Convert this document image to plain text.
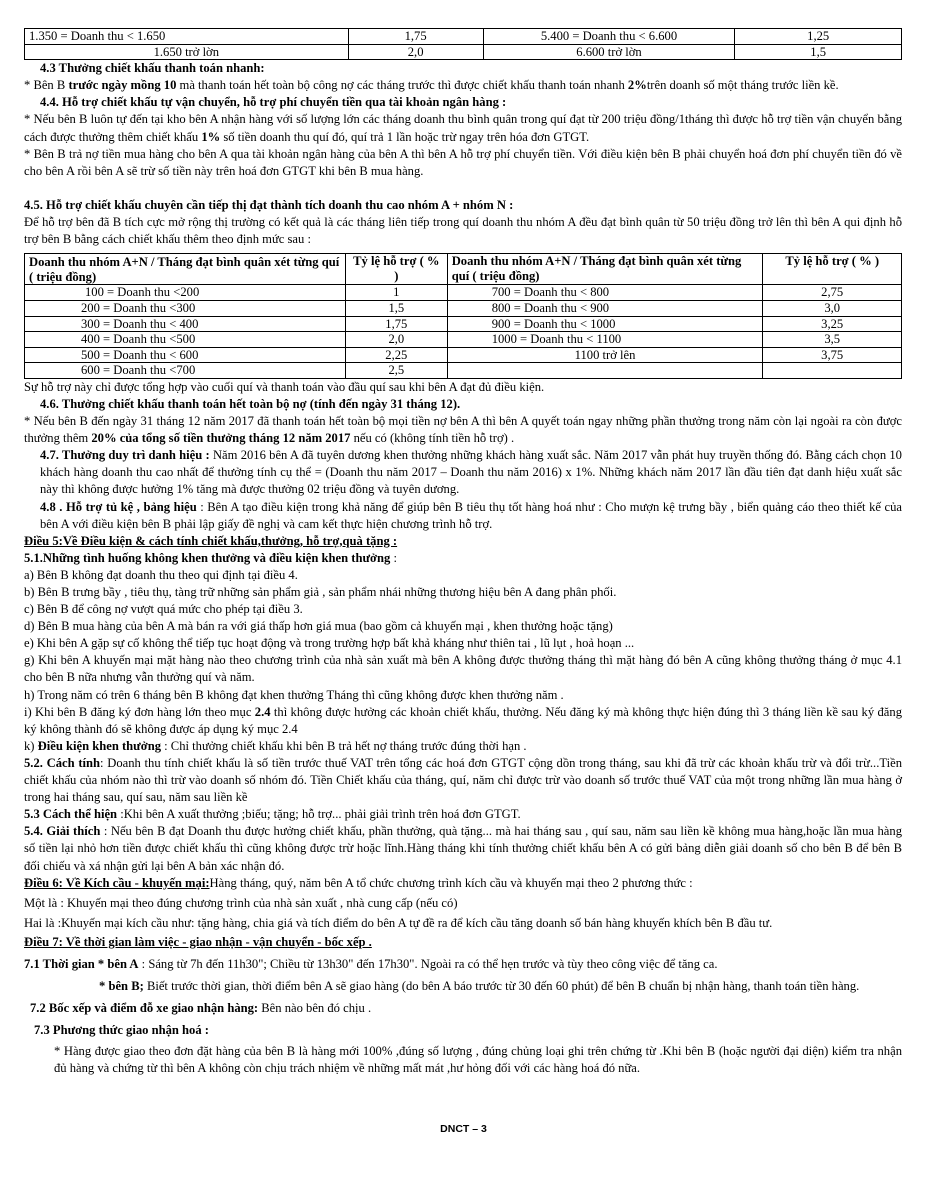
1.350 = Doanh thu < 1.650	1,75	5.400 = Doanh thu < 6.600	1,25
1.650 trở lờn	2,0	6.600 trở lờn	1,5

4.3 Thưởng chiết khấu thanh toán nhanh:

* Bên B trước ngày mồng 10 mà thanh toán hết toàn bộ công nợ các tháng trước thì được chiết khấu thanh toán nhanh 2%trên doanh số một tháng trước liền kề.

4.4. Hỗ trợ chiết khấu tự vận chuyển, hỗ trợ phí chuyển tiền qua tài khoản ngân hàng :

* Nếu bên B luôn tự đến tại kho bên A nhận hàng với số lượng lớn các tháng doanh thu bình quân trong quí đạt từ 200 triệu đồng/1tháng thì được hỗ trợ tiền vận chuyển bằng cách được thưởng thêm chiết khấu 1% số tiền doanh thu quí đó, quí trả 1 lần hoặc trừ ngay trên hóa đơn GTGT.

* Bên B trả nợ tiền mua hàng cho bên A qua tài khoản ngân hàng của bên A thì bên A hỗ trợ phí chuyển tiền. Với điều kiện bên B phải chuyển hoá đơn phí chuyển tiền đó về cho bên A rồi bên A sẽ trừ số tiền này trên hoá đơn GTGT khi bên B mua hàng.

4.5. Hỗ trợ chiết khấu chuyên cần tiếp thị đạt thành tích doanh thu cao nhóm A + nhóm N :

Để hỗ trợ bên đã B tích cực mở rộng thị trường có kết quả là các tháng liên tiếp trong quí doanh thu nhóm A đều đạt bình quân từ 50 triệu đồng trở lên thì bên A qui định hỗ trợ bên B bằng cách chiết khấu thêm theo định mức sau :

Doanh thu nhóm A+N / Tháng đạt bình quân xét từng quí ( triệu đồng)	Tỷ lệ hỗ trợ ( % )	Doanh thu nhóm A+N / Tháng đạt bình quân xét từng quí ( triệu đồng)	Tỷ lệ hỗ trợ ( % )
100 = Doanh thu <200	1	700 = Doanh thu < 800	2,75
200 = Doanh thu <300	1,5	800 = Doanh thu < 900	3,0
300 = Doanh thu < 400	1,75	900 = Doanh thu < 1000	3,25
400 = Doanh thu <500	2,0	1000 = Doanh thu < 1100	3,5
500 = Doanh thu < 600	2,25	1100 trở lên	3,75
600 = Doanh thu <700	2,5		

Sự hỗ trợ này chỉ được tổng hợp vào cuối quí và thanh toán vào đầu quí sau khi bên A đạt đủ điều kiện.

4.6. Thưởng chiết khấu thanh toán hết toàn bộ nợ (tính đến ngày 31 tháng 12).

* Nếu bên B đến ngày 31 tháng 12 năm 2017 đã thanh toán hết toàn bộ mọi tiền nợ bên A thì bên A quyết toán ngay những phần thưởng trong năm còn lại ngoài ra còn được thưởng thêm 20% của tổng số tiền thưởng tháng 12 năm 2017 nếu có (không tính tiền hỗ trợ) .

4.7. Thưởng duy trì danh hiệu : Năm 2016 bên A đã tuyên dương khen thưởng những khách hàng xuất sắc. Năm 2017 vẫn phát huy truyền thống đó. Bằng cách chọn 10 khách hàng doanh thu cao nhất để thưởng tính cụ thể = (Doanh thu năm 2017 – Doanh thu năm 2016) x 1%. Những khách năm 2017 lần đầu tiên đạt danh hiệu xuất sắc này thì không được hưởng 1% tăng mà được thưởng 02 triệu đồng và tuyên dương.

4.8 . Hỗ trợ tủ kệ , bảng hiệu : Bên A tạo điều kiện trong khả năng để giúp bên B tiêu thụ tốt hàng hoá như : Cho mượn kệ trưng bầy , biển quảng cáo theo thiết kế của bên A với điều kiện bên B phải lập giấy đề nghị và cam kết thực hiện chương trình hỗ trợ.

Điều 5:Về Điều kiện & cách tính chiết khấu,thưởng, hỗ trợ,quà tặng :

5.1.Những tình huống không khen thưởng và điều kiện khen thưởng :

a) Bên B không đạt doanh thu theo qui định tại điều 4.

b) Bên B trưng bầy , tiêu thụ, tàng trữ những sản phẩm giả , sản phẩm nhái những thương hiệu bên A đang phân phối.

c) Bên B để công nợ vượt quá mức cho phép tại điều 3.

d) Bên B mua hàng của bên A mà bán ra với giá thấp hơn giá mua (bao gồm cả khuyến mại , khen thưởng hoặc tặng)

e) Khi bên A gặp sự cố không thể tiếp tục hoạt động và trong trường hợp bất khả kháng như thiên tai , lũ lụt , hoả hoạn ...

g) Khi bên A khuyến mại mặt hàng nào theo chương trình của nhà sản xuất mà bên A không được thưởng tháng thì mặt hàng đó bên A cũng không thưởng tháng ở mục 4.1 cho bên B nữa nhưng vẫn thưởng quí và năm.

h) Trong năm có trên 6 tháng bên B không đạt khen thưởng Tháng thì cũng không được khen thưởng năm .

i) Khi bên B đăng ký đơn hàng lớn theo mục 2.4 thì không được hưởng các khoản chiết khấu, thưởng. Nếu đăng ký mà không thực hiện đúng thì 3 tháng liền kề sau ký đăng ký không thành đó sẽ không được áp dụng ký mục 2.4

k) Điều kiện khen thưởng : Chỉ thưởng chiết khấu khi bên B trả hết nợ tháng trước đúng thời hạn .

5.2. Cách tính: Doanh thu tính chiết khấu là số tiền trước thuế VAT trên tổng các hoá đơn GTGT cộng dồn trong tháng, sau khi đã trừ các khoản khấu trừ và đổi trừ...Tiền chiết khấu của nhóm nào thì trừ vào doanh số nhóm đó. Tiền Chiết khấu của tháng, quí, năm chỉ được trừ vào doanh số trước thuế VAT của một trong những lần mua hàng ở trong hai tháng sau, quí sau, năm sau liền kề

5.3 Cách thể hiện :Khi bên A xuất thưởng ;biếu; tặng; hỗ trợ... phải giải trình trên hoá đơn GTGT.

5.4. Giải thích : Nếu bên B đạt Doanh thu được hưởng chiết khấu, phần thưởng, quà tặng... mà hai tháng sau , quí sau, năm sau liền kề không mua hàng,hoặc lần mua hàng số tiền lại nhỏ hơn tiền được chiết khấu thì cũng không được trừ hoặc lĩnh.Hàng tháng khi tính thưởng chiết khấu bên A có gửi bảng diễn giải doanh số cho bên B để bên B đối chiếu và xá nhận gửi lại bên A bản xác nhận đó.

Điều 6: Về Kích cầu - khuyến mại:Hàng tháng, quý, năm bên A tổ chức chương trình kích cầu và khuyến mại theo 2 phương thức :

Một là : Khuyến mại theo đúng chương trình của nhà sản xuất , nhà cung cấp (nếu có)

Hai là :Khuyến mại kích cầu như: tặng hàng, chia giá và tích điểm do bên A tự đề ra để kích cầu tăng doanh số bán hàng khuyến khích bên B đầu tư.

Điều 7: Về thời gian làm việc - giao nhận - vận chuyển - bốc xếp .

7.1 Thời gian * bên A : Sáng từ 7h đến 11h30"; Chiều từ 13h30" đến 17h30". Ngoài ra có thể hẹn trước và tùy theo công việc để tăng ca.

* bên B; Biết trước thời gian, thời điểm bên A sẽ giao hàng (do bên A báo trước từ 30 đến 60 phút) để bên B chuẩn bị nhận hàng, thanh toán tiền hàng.

7.2 Bốc xếp và điểm đỗ xe giao nhận hàng: Bên nào bên đó chịu .

7.3 Phương thức giao nhận hoá :

* Hàng được giao theo đơn đặt hàng của bên B là hàng mới 100% ,đúng số lượng , đúng chủng loại ghi trên chứng từ .Khi bên B (hoặc người đại diện) kiểm tra nhận đủ hàng và chứng từ thì bên A không còn chịu trách nhiệm về những mất mát ,hư hỏng đối với các hàng hoá đó nữa.

DNCT – 3
